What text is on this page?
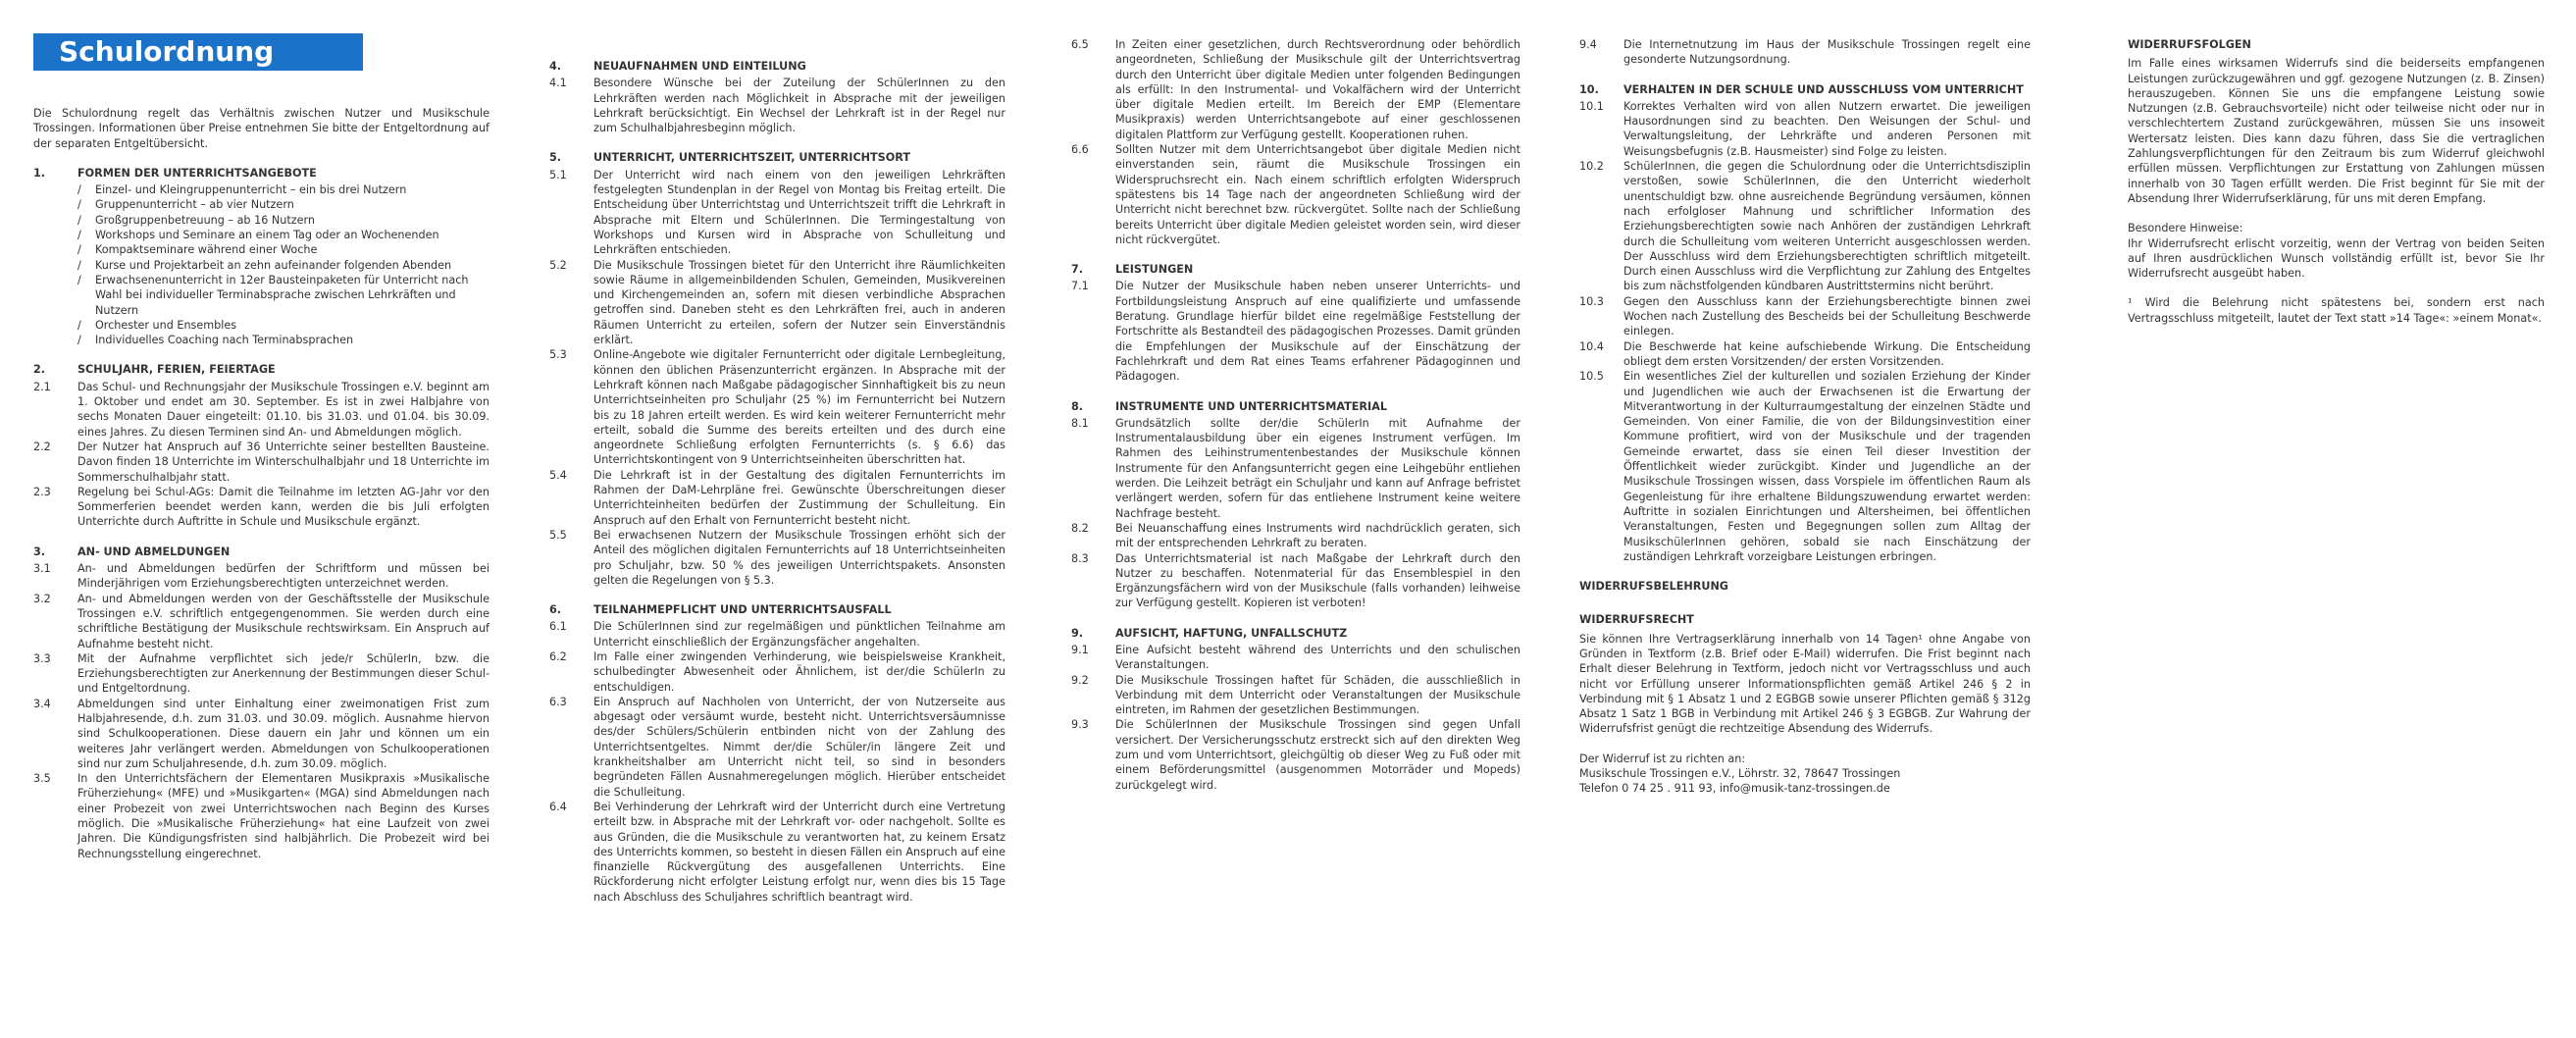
Schulordnung

Die Schulordnung regelt das Verhältnis zwischen Nutzer und Musikschule Trossingen. Informationen über Preise entnehmen Sie bitte der Entgeltordnung auf der separaten Entgeltübersicht.

1.	FORMEN DER UNTERRICHTSANGEBOTE
/	Einzel- und Kleingruppenunterricht – ein bis drei Nutzern
/	Gruppenunterricht – ab vier Nutzern
/	Großgruppenbetreuung – ab 16 Nutzern
/	Workshops und Seminare an einem Tag oder an Wochenenden
/	Kompaktseminare während einer Woche
/	Kurse und Projektarbeit an zehn aufeinander folgenden Abenden
/	Erwachsenenunterricht in 12er Bausteinpaketen für Unterricht nach Wahl bei individueller Terminabsprache zwischen Lehrkräften und Nutzern
/	Orchester und Ensembles
/	Individuelles Coaching nach Terminabsprachen
2.	SCHULJAHR, FERIEN, FEIERTAGE
2.1	Das Schul- und Rechnungsjahr der Musikschule Trossingen e.V. beginnt am 1. Oktober und endet am 30. September. Es ist in zwei Halbjahre von sechs Monaten Dauer eingeteilt: 01.10. bis 31.03. und 01.04. bis 30.09. eines Jahres. Zu diesen Terminen sind An- und Abmeldungen möglich.
2.2	Der Nutzer hat Anspruch auf 36 Unterrichte seiner bestellten Bausteine. Davon finden 18 Unterrichte im Winterschulhalbjahr und 18 Unterrichte im Sommerschulhalbjahr statt.
2.3	Regelung bei Schul-AGs: Damit die Teilnahme im letzten AG-Jahr vor den Sommerferien beendet werden kann, werden die bis Juli erfolgten Unterrichte durch Auftritte in Schule und Musikschule ergänzt.
3.	AN- UND ABMELDUNGEN
3.1	An- und Abmeldungen bedürfen der Schriftform und müssen bei Minderjährigen vom Erziehungsberechtigten unterzeichnet werden.
3.2	An- und Abmeldungen werden von der Geschäftsstelle der Musikschule Trossingen e.V. schriftlich entgegengenommen. Sie werden durch eine schriftliche Bestätigung der Musikschule rechtswirksam. Ein Anspruch auf Aufnahme besteht nicht.
3.3	Mit der Aufnahme verpflichtet sich jede/r SchülerIn, bzw. die Erziehungsberechtigten zur Anerkennung der Bestimmungen dieser Schul- und Entgeltordnung.
3.4	Abmeldungen sind unter Einhaltung einer zweimonatigen Frist zum Halbjahresende, d.h. zum 31.03. und 30.09. möglich. Ausnahme hiervon sind Schulkooperationen. Diese dauern ein Jahr und können um ein weiteres Jahr verlängert werden. Abmeldungen von Schulkooperationen sind nur zum Schuljahresende, d.h. zum 30.09. möglich.
3.5	In den Unterrichtsfächern der Elementaren Musikpraxis »Musikalische Früherziehung« (MFE) und »Musikgarten« (MGA) sind Abmeldungen nach einer Probezeit von zwei Unterrichtswochen nach Beginn des Kurses möglich. Die »Musikalische Früherziehung« hat eine Laufzeit von zwei Jahren. Die Kündigungsfristen sind halbjährlich. Die Probezeit wird bei Rechnungsstellung eingerechnet.
4.	NEUAUFNAHMEN UND EINTEILUNG
4.1	Besondere Wünsche bei der Zuteilung der SchülerInnen zu den Lehrkräften werden nach Möglichkeit in Absprache mit der jeweiligen Lehrkraft berücksichtigt. Ein Wechsel der Lehrkraft ist in der Regel nur zum Schulhalbjahresbeginn möglich.
5.	UNTERRICHT, UNTERRICHTSZEIT, UNTERRICHTSORT
5.1	Der Unterricht wird nach einem von den jeweiligen Lehrkräften festgelegten Stundenplan in der Regel von Montag bis Freitag erteilt. Die Entscheidung über Unterrichtstag und Unterrichtszeit trifft die Lehrkraft in Absprache mit Eltern und SchülerInnen. Die Termingestaltung von Workshops und Kursen wird in Absprache von Schulleitung und Lehrkräften entschieden.
5.2	Die Musikschule Trossingen bietet für den Unterricht ihre Räumlichkeiten sowie Räume in allgemeinbildenden Schulen, Gemeinden, Musikvereinen und Kirchengemeinden an, sofern mit diesen verbindliche Absprachen getroffen sind. Daneben steht es den Lehrkräften frei, auch in anderen Räumen Unterricht zu erteilen, sofern der Nutzer sein Einverständnis erklärt.
5.3	Online-Angebote wie digitaler Fernunterricht oder digitale Lernbegleitung, können den üblichen Präsenzunterricht ergänzen. In Absprache mit der Lehrkraft können nach Maßgabe pädagogischer Sinnhaftigkeit bis zu neun Unterrichtseinheiten pro Schuljahr (25 %) im Fernunterricht bei Nutzern bis zu 18 Jahren erteilt werden. Es wird kein weiterer Fernunterricht mehr erteilt, sobald die Summe des bereits erteilten und des durch eine angeordnete Schließung erfolgten Fernunterrichts (s. § 6.6) das Unterrichtskontingent von 9 Unterrichtseinheiten überschritten hat.
5.4	Die Lehrkraft ist in der Gestaltung des digitalen Fernunterrichts im Rahmen der DaM-Lehrpläne frei. Gewünschte Überschreitungen dieser Unterrichteinheiten bedürfen der Zustimmung der Schulleitung. Ein Anspruch auf den Erhalt von Fernunterricht besteht nicht.
5.5	Bei erwachsenen Nutzern der Musikschule Trossingen erhöht sich der Anteil des möglichen digitalen Fernunterrichts auf 18 Unterrichtseinheiten pro Schuljahr, bzw. 50 % des jeweiligen Unterrichtspakets. Ansonsten gelten die Regelungen von § 5.3.
6.	TEILNAHMEPFLICHT UND UNTERRICHTSAUSFALL
6.1	Die SchülerInnen sind zur regelmäßigen und pünktlichen Teilnahme am Unterricht einschließlich der Ergänzungsfächer angehalten.
6.2	Im Falle einer zwingenden Verhinderung, wie beispielsweise Krankheit, schulbedingter Abwesenheit oder Ähnlichem, ist der/die SchülerIn zu entschuldigen.
6.3	Ein Anspruch auf Nachholen von Unterricht, der von Nutzerseite aus abgesagt oder versäumt wurde, besteht nicht. Unterrichtsversäumnisse des/der Schülers/Schülerin entbinden nicht von der Zahlung des Unterrichtsentgeltes. Nimmt der/die Schüler/in längere Zeit und krankheitshalber am Unterricht nicht teil, so sind in besonders begründeten Fällen Ausnahmeregelungen möglich. Hierüber entscheidet die Schulleitung.
6.4	Bei Verhinderung der Lehrkraft wird der Unterricht durch eine Vertretung erteilt bzw. in Absprache mit der Lehrkraft vor- oder nachgeholt. Sollte es aus Gründen, die die Musikschule zu verantworten hat, zu keinem Ersatz des Unterrichts kommen, so besteht in diesen Fällen ein Anspruch auf eine finanzielle Rückvergütung des ausgefallenen Unterrichts. Eine Rückforderung nicht erfolgter Leistung erfolgt nur, wenn dies bis 15 Tage nach Abschluss des Schuljahres schriftlich beantragt wird.
6.5	In Zeiten einer gesetzlichen, durch Rechtsverordnung oder behördlich angeordneten, Schließung der Musikschule gilt der Unterrichtsvertrag durch den Unterricht über digitale Medien unter folgenden Bedingungen als erfüllt: In den Instrumental- und Vokalfächern wird der Unterricht über digitale Medien erteilt. Im Bereich der EMP (Elementare Musikpraxis) werden Unterrichtsangebote auf einer geschlossenen digitalen Plattform zur Verfügung gestellt. Kooperationen ruhen.
6.6	Sollten Nutzer mit dem Unterrichtsangebot über digitale Medien nicht einverstanden sein, räumt die Musikschule Trossingen ein Widerspruchsrecht ein. Nach einem schriftlich erfolgten Widerspruch spätestens bis 14 Tage nach der angeordneten Schließung wird der Unterricht nicht berechnet bzw. rückvergütet. Sollte nach der Schließung bereits Unterricht über digitale Medien geleistet worden sein, wird dieser nicht rückvergütet.
7.	LEISTUNGEN
7.1	Die Nutzer der Musikschule haben neben unserer Unterrichts- und Fortbildungsleistung Anspruch auf eine qualifizierte und umfassende Beratung. Grundlage hierfür bildet eine regelmäßige Feststellung der Fortschritte als Bestandteil des pädagogischen Prozesses. Damit gründen die Empfehlungen der Musikschule auf der Einschätzung der Fachlehrkraft und dem Rat eines Teams erfahrener Pädagoginnen und Pädagogen.
8.	INSTRUMENTE UND UNTERRICHTSMATERIAL
8.1	Grundsätzlich sollte der/die SchülerIn mit Aufnahme der Instrumentalausbildung über ein eigenes Instrument verfügen. Im Rahmen des Leihinstrumentenbestandes der Musikschule können Instrumente für den Anfangsunterricht gegen eine Leihgebühr entliehen werden. Die Leihzeit beträgt ein Schuljahr und kann auf Anfrage befristet verlängert werden, sofern für das entliehene Instrument keine weitere Nachfrage besteht.
8.2	Bei Neuanschaffung eines Instruments wird nachdrücklich geraten, sich mit der entsprechenden Lehrkraft zu beraten.
8.3	Das Unterrichtsmaterial ist nach Maßgabe der Lehrkraft durch den Nutzer zu beschaffen. Notenmaterial für das Ensemblespiel in den Ergänzungsfächern wird von der Musikschule (falls vorhanden) leihweise zur Verfügung gestellt. Kopieren ist verboten!
9.	AUFSICHT, HAFTUNG, UNFALLSCHUTZ
9.1	Eine Aufsicht besteht während des Unterrichts und den schulischen Veranstaltungen.
9.2	Die Musikschule Trossingen haftet für Schäden, die ausschließlich in Verbindung mit dem Unterricht oder Veranstaltungen der Musikschule eintreten, im Rahmen der gesetzlichen Bestimmungen.
9.3	Die SchülerInnen der Musikschule Trossingen sind gegen Unfall versichert. Der Versicherungsschutz erstreckt sich auf den direkten Weg zum und vom Unterrichtsort, gleichgültig ob dieser Weg zu Fuß oder mit einem Beförderungsmittel (ausgenommen Motorräder und Mopeds) zurückgelegt wird.
9.4	Die Internetnutzung im Haus der Musikschule Trossingen regelt eine gesonderte Nutzungsordnung.
10.	VERHALTEN IN DER SCHULE UND AUSSCHLUSS VOM UNTERRICHT
10.1	Korrektes Verhalten wird von allen Nutzern erwartet. Die jeweiligen Hausordnungen sind zu beachten. Den Weisungen der Schul- und Verwaltungsleitung, der Lehrkräfte und anderen Personen mit Weisungsbefugnis (z.B. Hausmeister) sind Folge zu leisten.
10.2	SchülerInnen, die gegen die Schulordnung oder die Unterrichtsdisziplin verstoßen, sowie SchülerInnen, die den Unterricht wiederholt unentschuldigt bzw. ohne ausreichende Begründung versäumen, können nach erfolgloser Mahnung und schriftlicher Information des Erziehungsberechtigten sowie nach Anhören der zuständigen Lehrkraft durch die Schulleitung vom weiteren Unterricht ausgeschlossen werden. Der Ausschluss wird dem Erziehungsberechtigten schriftlich mitgeteilt. Durch einen Ausschluss wird die Verpflichtung zur Zahlung des Entgeltes bis zum nächstfolgenden kündbaren Austrittstermins nicht berührt.
10.3	Gegen den Ausschluss kann der Erziehungsberechtigte binnen zwei Wochen nach Zustellung des Bescheids bei der Schulleitung Beschwerde einlegen.
10.4	Die Beschwerde hat keine aufschiebende Wirkung. Die Entscheidung obliegt dem ersten Vorsitzenden/ der ersten Vorsitzenden.
10.5	Ein wesentliches Ziel der kulturellen und sozialen Erziehung der Kinder und Jugendlichen wie auch der Erwachsenen ist die Erwartung der Mitverantwortung in der Kulturraumgestaltung der einzelnen Städte und Gemeinden. Von einer Familie, die von der Bildungsinvestition einer Kommune profitiert, wird von der Musikschule und der tragenden Gemeinde erwartet, dass sie einen Teil dieser Investition der Öffentlichkeit wieder zurückgibt. Kinder und Jugendliche an der Musikschule Trossingen wissen, dass Vorspiele im öffentlichen Raum als Gegenleistung für ihre erhaltene Bildungszuwendung erwartet werden: Auftritte in sozialen Einrichtungen und Altersheimen, bei öffentlichen Veranstaltungen, Festen und Begegnungen sollen zum Alltag der MusikschülerInnen gehören, sobald sie nach Einschätzung der zuständigen Lehrkraft vorzeigbare Leistungen erbringen.
WIDERRUFSBELEHRUNG
WIDERRUFSRECHT

Sie können Ihre Vertragserklärung innerhalb von 14 Tagen¹ ohne Angabe von Gründen in Textform (z.B. Brief oder E-Mail) widerrufen. Die Frist beginnt nach Erhalt dieser Belehrung in Textform, jedoch nicht vor Vertragsschluss und auch nicht vor Erfüllung unserer Informationspflichten gemäß Artikel 246 § 2 in Verbindung mit § 1 Absatz 1 und 2 EGBGB sowie unserer Pflichten gemäß § 312g Absatz 1 Satz 1 BGB in Verbindung mit Artikel 246 § 3 EGBGB. Zur Wahrung der Widerrufsfrist genügt die rechtzeitige Absendung des Widerrufs.

Der Widerruf ist zu richten an:
Musikschule Trossingen e.V., Löhrstr. 32, 78647 Trossingen
Telefon 0 74 25 . 911 93, info@musik-tanz-trossingen.de
WIDERRUFSFOLGEN

Im Falle eines wirksamen Widerrufs sind die beiderseits empfangenen Leistungen zurückzugewähren und ggf. gezogene Nutzungen (z. B. Zinsen) herauszugeben. Können Sie uns die empfangene Leistung sowie Nutzungen (z.B. Gebrauchsvorteile) nicht oder teilweise nicht oder nur in verschlechtertem Zustand zurückgewähren, müssen Sie uns insoweit Wertersatz leisten. Dies kann dazu führen, dass Sie die vertraglichen Zahlungsverpflichtungen für den Zeitraum bis zum Widerruf gleichwohl erfüllen müssen. Verpflichtungen zur Erstattung von Zahlungen müssen innerhalb von 30 Tagen erfüllt werden. Die Frist beginnt für Sie mit der Absendung Ihrer Widerrufserklärung, für uns mit deren Empfang.

Besondere Hinweise:

Ihr Widerrufsrecht erlischt vorzeitig, wenn der Vertrag von beiden Seiten auf Ihren ausdrücklichen Wunsch vollständig erfüllt ist, bevor Sie Ihr Widerrufsrecht ausgeübt haben.

¹ Wird die Belehrung nicht spätestens bei, sondern erst nach Vertragsschluss mitgeteilt, lautet der Text statt »14 Tage«: »einem Monat«.
